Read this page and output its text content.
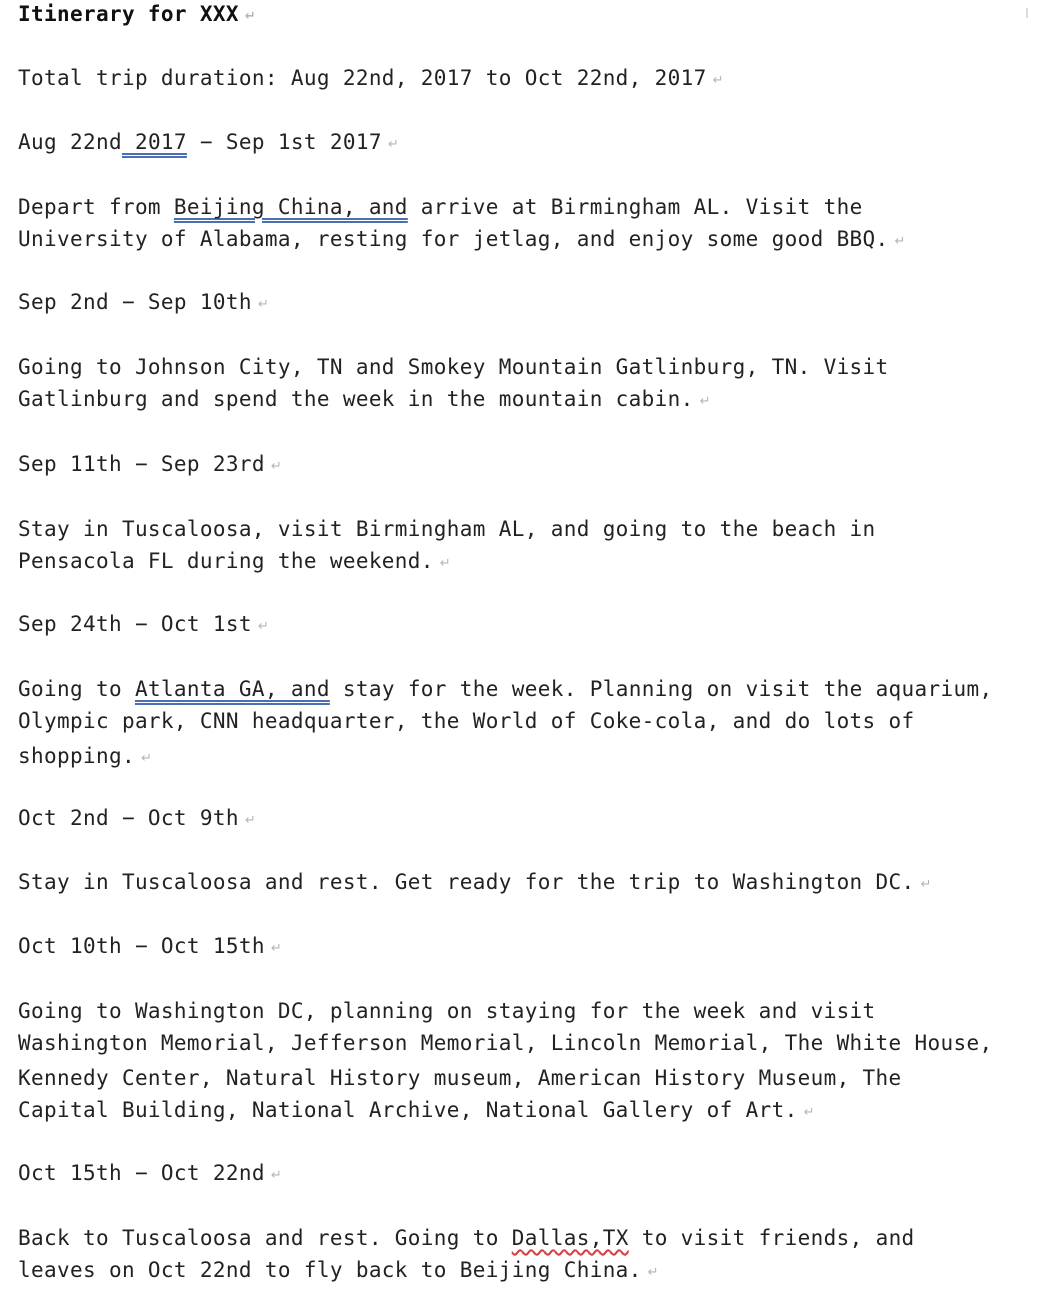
Itinerary for XXX ↵

Total trip duration: Aug 22nd, 2017 to Oct 22nd, 2017 ↵

Aug 22nd 2017 − Sep 1st 2017 ↵

Depart from Beijing China, and arrive at Birmingham AL. Visit the

University of Alabama, resting for jetlag, and enjoy some good BBQ. ↵

Sep 2nd − Sep 10th ↵

Going to Johnson City, TN and Smokey Mountain Gatlinburg, TN. Visit

Gatlinburg and spend the week in the mountain cabin. ↵

Sep 11th − Sep 23rd ↵

Stay in Tuscaloosa, visit Birmingham AL, and going to the beach in

Pensacola FL during the weekend. ↵

Sep 24th − Oct 1st ↵

Going to Atlanta GA, and stay for the week. Planning on visit the aquarium,

Olympic park, CNN headquarter, the World of Coke-cola, and do lots of

shopping. ↵

Oct 2nd − Oct 9th ↵

Stay in Tuscaloosa and rest. Get ready for the trip to Washington DC. ↵

Oct 10th − Oct 15th ↵

Going to Washington DC, planning on staying for the week and visit

Washington Memorial, Jefferson Memorial, Lincoln Memorial, The White House,

Kennedy Center, Natural History museum, American History Museum, The

Capital Building, National Archive, National Gallery of Art. ↵

Oct 15th − Oct 22nd ↵

Back to Tuscaloosa and rest. Going to Dallas,TX to visit friends, and

leaves on Oct 22nd to fly back to Beijing China. ↵
